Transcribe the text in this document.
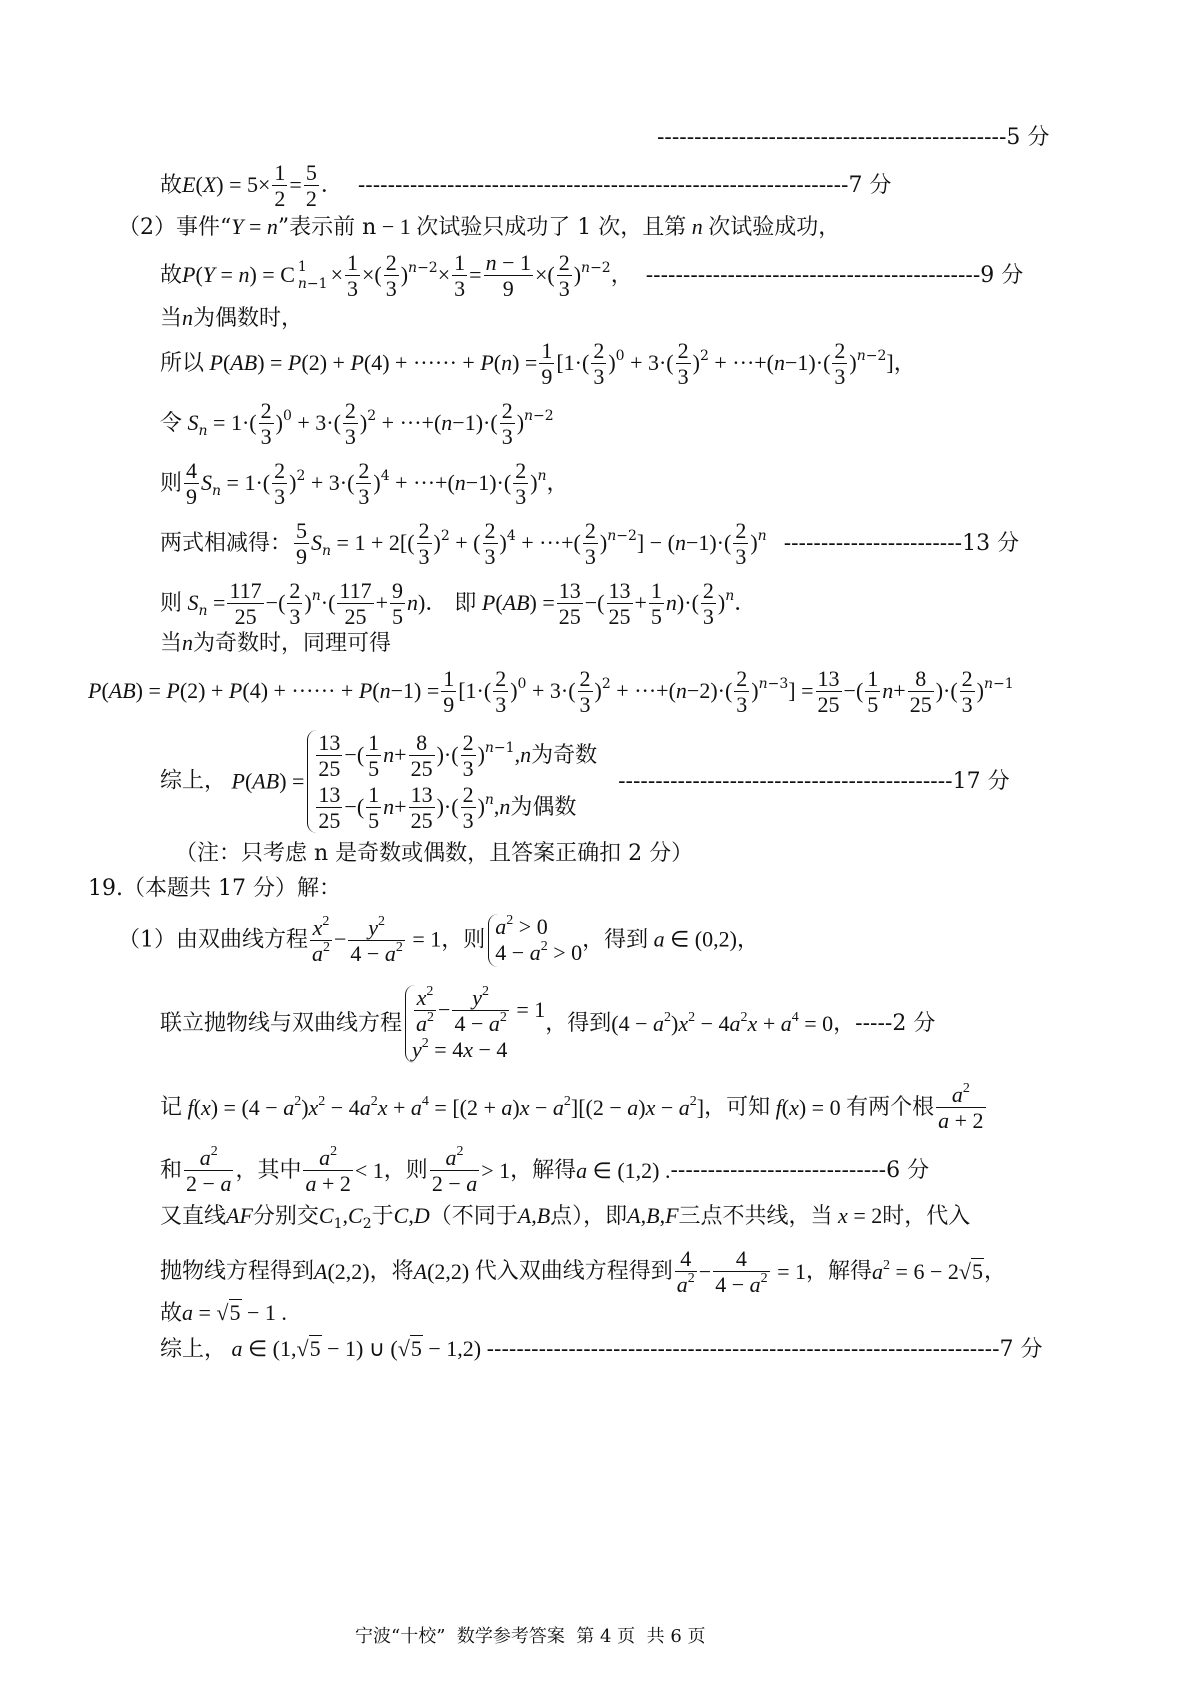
-----------------------------------------------5 分
故$E(X) = 5\times \frac{1}{2} = \frac{5}{2}$ ． ------------------------------------------------------------------7 分
（2）事件“Y = n”表示前 n − 1 次试验只成功了 1 次，且第 n 次试验成功，
故P(Y = n) = C 1
$n-1 \times \frac{1}{3}$ ×( $\frac{2}{3} )^{n-2}\times \frac{1}{3} = \frac{n - 1}{9}$ ×( $\frac{2}{3} )^{n-2}$， ---------------------------------------------9 分
当n为偶数时，
所以 P(AB) = P(2) + P(4) + ······ + $P(n) = \frac{1}{9} [1\cdot( \frac{2}{3} )^0 + 3\cdot( \frac{2}{3} )^2 + \cdot\cdot\cdot+(n-1)\cdot( \frac{2}{3} )^{n-2}]$，
令 $S_n = 1\cdot( \frac{2}{3} )^0 + 3\cdot( \frac{2}{3} )^2 + \cdot\cdot\cdot+(n-1)\cdot( \frac{2}{3} )^{n-2}$
则 $\frac{4}{9} S_n = 1\cdot( \frac{2}{3} )^2 + 3\cdot( \frac{2}{3} )^4 + \cdot\cdot\cdot+(n-1)\cdot( \frac{2}{3} )^n$，
两式相减得： $\frac{5}{9} S_n = 1 + 2[( \frac{2}{3} )^2$ + ( $\frac{2}{3} )^4$ + ···+( $\frac{2}{3} )^{n-2}] - (n-1)\cdot( \frac{2}{3} )^n$ ------------------------13 分
则 $S_n = \frac{117}{25}$ −( $\frac{2}{3} )^n\cdot( \frac{117}{25} + \frac{9}{5} n)$． 即 $P(AB) = \frac{13}{25}$ −( $\frac{13}{25} + \frac{1}{5} n)\cdot( \frac{2}{3} )^n$．
当n为奇数时，同理可得
P(AB) = P(2) + P(4) + ······ + $P(n-1) = \frac{1}{9} [1\cdot( \frac{2}{3} )^0 + 3\cdot( \frac{2}{3} )^2 + \cdot\cdot\cdot+(n-2)\cdot( \frac{2}{3} )^{n-3}] = \frac{13}{25}$ −( $\frac{1}{5} n+ \frac{8}{25}$ )·( $\frac{2}{3} )^{n-1}$
综上， $P(AB) = \frac{13}{25}$ −( $\frac{1}{5} n+ \frac{8}{25}$ )·( $\frac{2}{3} )^{n-1},n$为奇数
$\frac{13}{25}$ −( $\frac{1}{5} n+ \frac{13}{25}$ )·( $\frac{2}{3} )^n,n$为偶数
---------------------------------------------17 分
（注：只考虑 n 是奇数或偶数，且答案正确扣 2 分）
19.（本题共 17 分）解：
（1）由双曲线方程 $\frac{x^2}{a^2} - \frac{y^2}{4 - a^2} = 1$，则
$a^2 > 0$
$4 - a^2 > 0$
，得到 a ∈ (0,2)，
联立抛物线与双曲线方程 $\frac{x^2}{a^2} - \frac{y^2}{4 - a^2} = 1$
$y^2 = 4x - 4$
，得到$(4 - a^2)x^2 - 4a^2x + a^4 = 0$，-----2 分
记 $f(x) = (4 - a^2)x^2 - 4a^2x + a^4 = [(2 + a)x - a^2][(2 - a)x - a^2]$，可知 f(x) = 0 有两个根 $\frac{a^2}{a + 2}$
和 $\frac{a^2}{2 - a}$ ，其中 $\frac{a^2}{a + 2} < 1$，则 $\frac{a^2}{2 - a} > 1$，解得a ∈ (1,2) .-----------------------------6 分
又直线AF分别交$C_1,C_2$于C,D（不同于A,B点），即A,B,F三点不共线，当 x = 2时，代入
抛物线方程得到A(2,2)，将A(2,2) 代入双曲线方程得到 $\frac{4}{a^2} - \frac{4}{4 - a^2} = 1$，解得$a^2 = 6 - 2√5$，
故a = √5 − 1 .
综上， a ∈ (1,√5 − 1) ∪ (√5 − 1,2) ---------------------------------------------------------------------7 分
宁波“十校”  数学参考答案  第 4 页  共 6 页
